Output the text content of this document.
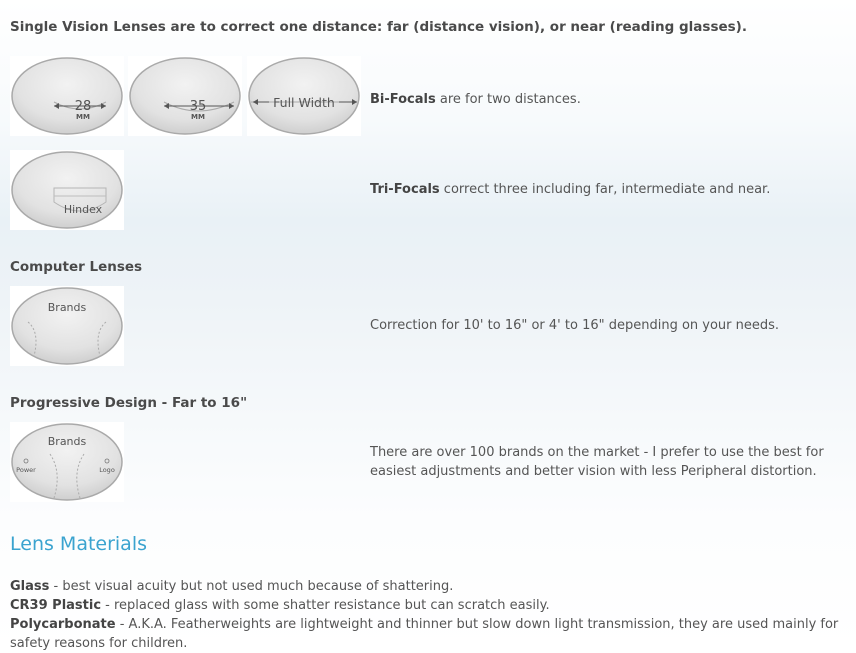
Single Vision Lenses are to correct one distance: far (distance vision), or near (reading glasses).
28
MM
35
MM
Full Width	Bi-Focals are for two distances.
Hindex
Tri-Focals correct three including far, intermediate and near.
Computer Lenses
Brands
Correction for 10' to 16" or 4' to 16" depending on your needs.
Progressive Design - Far to 16"
Brands
Power	Logo
There are over 100 brands on the market - I prefer to use the best for
easiest adjustments and better vision with less Peripheral distortion.
Lens Materials
Glass - best visual acuity but not used much because of shattering.
CR39 Plastic - replaced glass with some shatter resistance but can scratch easily.
Polycarbonate - A.K.A. Featherweights are lightweight and thinner but slow down light transmission, they are used mainly for safety reasons for children.
